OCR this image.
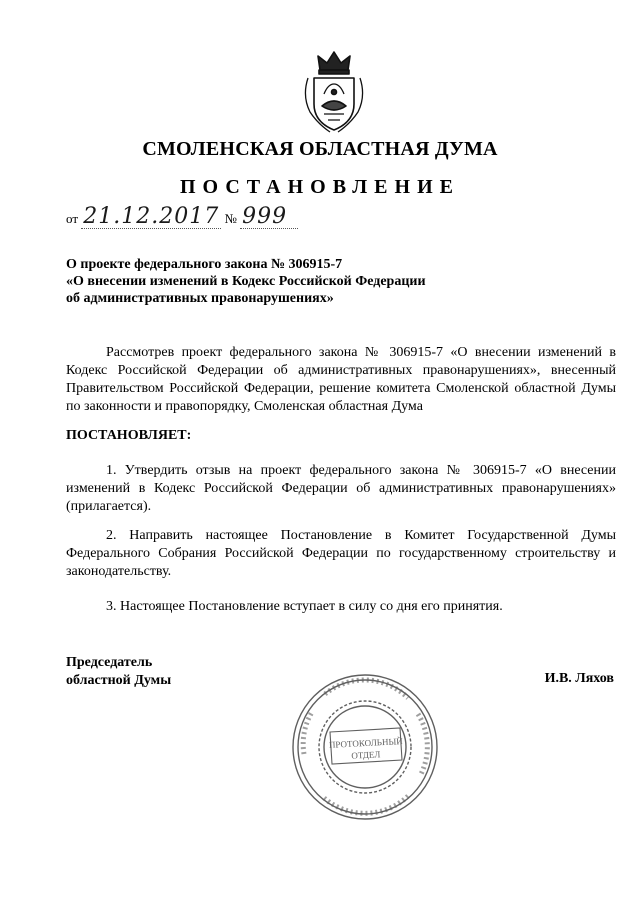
СМОЛЕНСКАЯ ОБЛАСТНАЯ ДУМА
ПОСТАНОВЛЕНИЕ
от 21.12.2017 № 999
О проекте федерального закона № 306915-7
«О внесении изменений в Кодекс Российской Федерации
об административных правонарушениях»
Рассмотрев проект федерального закона № 306915-7 «О внесении изменений в Кодекс Российской Федерации об административных правонарушениях», внесенный Правительством Российской Федерации, решение комитета Смоленской областной Думы по законности и правопорядку, Смоленская областная Дума
ПОСТАНОВЛЯЕТ:
1. Утвердить отзыв на проект федерального закона № 306915-7 «О внесении изменений в Кодекс Российской Федерации об административных правонарушениях» (прилагается).
2. Направить настоящее Постановление в Комитет Государственной Думы Федерального Собрания Российской Федерации по государственному строительству и законодательству.
3. Настоящее Постановление вступает в силу со дня его принятия.
Председатель
областной Думы	И.В. Ляхов
ПРОТОКОЛЬНЫЙ
ОТДЕЛ
